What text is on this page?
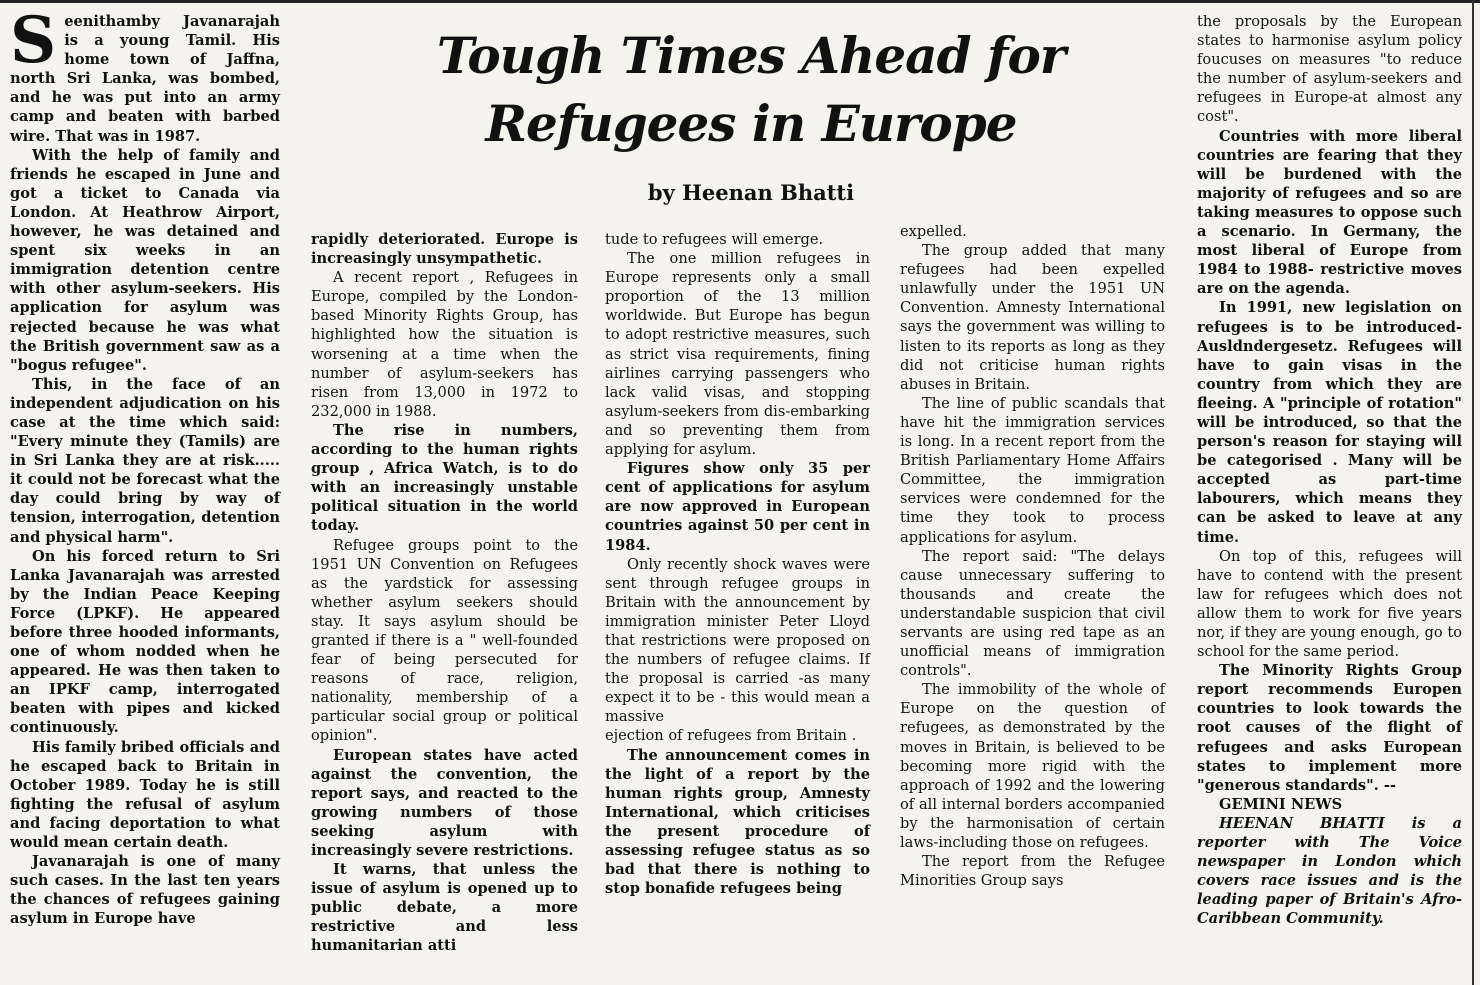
Tough Times Ahead for
Refugees in Europe
by Heenan Bhatti

Seenithamby Javanarajah is a young Tamil. His home town of Jaffna, north Sri Lanka, was bombed, and he was put into an army camp and beaten with barbed wire. That was in 1987.

With the help of family and friends he escaped in June and got a ticket to Canada via London. At Heathrow Airport, however, he was detained and spent six weeks in an immigration detention centre with other asylum-seekers. His application for asylum was rejected because he was what the British government saw as a "bogus refugee".

This, in the face of an independent adjudication on his case at the time which said: "Every minute they (Tamils) are in Sri Lanka they are at risk..... it could not be forecast what the day could bring by way of tension, interrogation, detention and physical harm".

On his forced return to Sri Lanka Javanarajah was arrested by the Indian Peace Keeping Force (LPKF). He appeared before three hooded informants, one of whom nodded when he appeared. He was then taken to an IPKF camp, interrogated beaten with pipes and kicked continuously.

His family bribed officials and he escaped back to Britain in October 1989. Today he is still fighting the refusal of asylum and facing deportation to what would mean certain death.

Javanarajah is one of many such cases. In the last ten years the chances of refugees gaining asylum in Europe have

rapidly deteriorated. Europe is increasingly unsympathetic.

A recent report , Refugees in Europe, compiled by the London-based Minority Rights Group, has highlighted how the situation is worsening at a time when the number of asylum-seekers has risen from 13,000 in 1972 to 232,000 in 1988.

The rise in numbers, according to the human rights group , Africa Watch, is to do with an increasingly unstable political situation in the world today.

Refugee groups point to the 1951 UN Convention on Refugees as the yardstick for assessing whether asylum seekers should stay. It says asylum should be granted if there is a " well-founded fear of being persecuted for reasons of race, religion, nationality, membership of a particular social group or political opinion".

European states have acted against the convention, the report says, and reacted to the growing numbers of those seeking asylum with increasingly severe restrictions.

It warns, that unless the issue of asylum is opened up to public debate, a more restrictive and less humanitarian atti

tude to refugees will emerge.

The one million refugees in Europe represents only a small proportion of the 13 million worldwide. But Europe has begun to adopt restrictive measures, such as strict visa requirements, fining airlines carrying passengers who lack valid visas, and stopping asylum-seekers from dis-embarking and so preventing them from applying for asylum.

Figures show only 35 per cent of applications for asylum are now approved in European countries against 50 per cent in 1984.

Only recently shock waves were sent through refugee groups in Britain with the announcement by immigration minister Peter Lloyd that restrictions were proposed on the numbers of refugee claims. If the proposal is carried -as many expect it to be - this would mean a massive

ejection of refugees from Britain .

The announcement comes in the light of a report by the human rights group, Amnesty International, which criticises the present procedure of assessing refugee status as so bad that there is nothing to stop bonafide refugees being

expelled.

The group added that many refugees had been expelled unlawfully under the 1951 UN Convention. Amnesty International says the government was willing to listen to its reports as long as they did not criticise human rights abuses in Britain.

The line of public scandals that have hit the immigration services is long. In a recent report from the British Parliamentary Home Affairs Committee, the immigration services were condemned for the time they took to process applications for asylum.

The report said: "The delays cause unnecessary suffering to thousands and create the understandable suspicion that civil servants are using red tape as an unofficial means of immigration controls".

The immobility of the whole of Europe on the question of refugees, as demonstrated by the moves in Britain, is believed to be becoming more rigid with the approach of 1992 and the lowering of all internal borders accompanied by the harmonisation of certain laws-including those on refugees.

The report from the Refugee Minorities Group says

the proposals by the European states to harmonise asylum policy foucuses on measures "to reduce the number of asylum-seekers and refugees in Europe-at almost any cost".

Countries with more liberal countries are fearing that they will be burdened with the majority of refugees and so are taking measures to oppose such a scenario. In Germany, the most liberal of Europe from 1984 to 1988- restrictive moves are on the agenda.

In 1991, new legislation on refugees is to be introduced-Ausldndergesetz. Refugees will have to gain visas in the country from which they are fleeing. A "principle of rotation" will be introduced, so that the person's reason for staying will be categorised . Many will be accepted as part-time labourers, which means they can be asked to leave at any time.

On top of this, refugees will have to contend with the present law for refugees which does not allow them to work for five years nor, if they are young enough, go to school for the same period.

The Minority Rights Group report recommends Europen countries to look towards the root causes of the flight of refugees and asks European states to implement more "generous standards". --

GEMINI NEWS

HEENAN BHATTI is a reporter with The Voice newspaper in London which covers race issues and is the leading paper of Britain's Afro-Caribbean Community.
